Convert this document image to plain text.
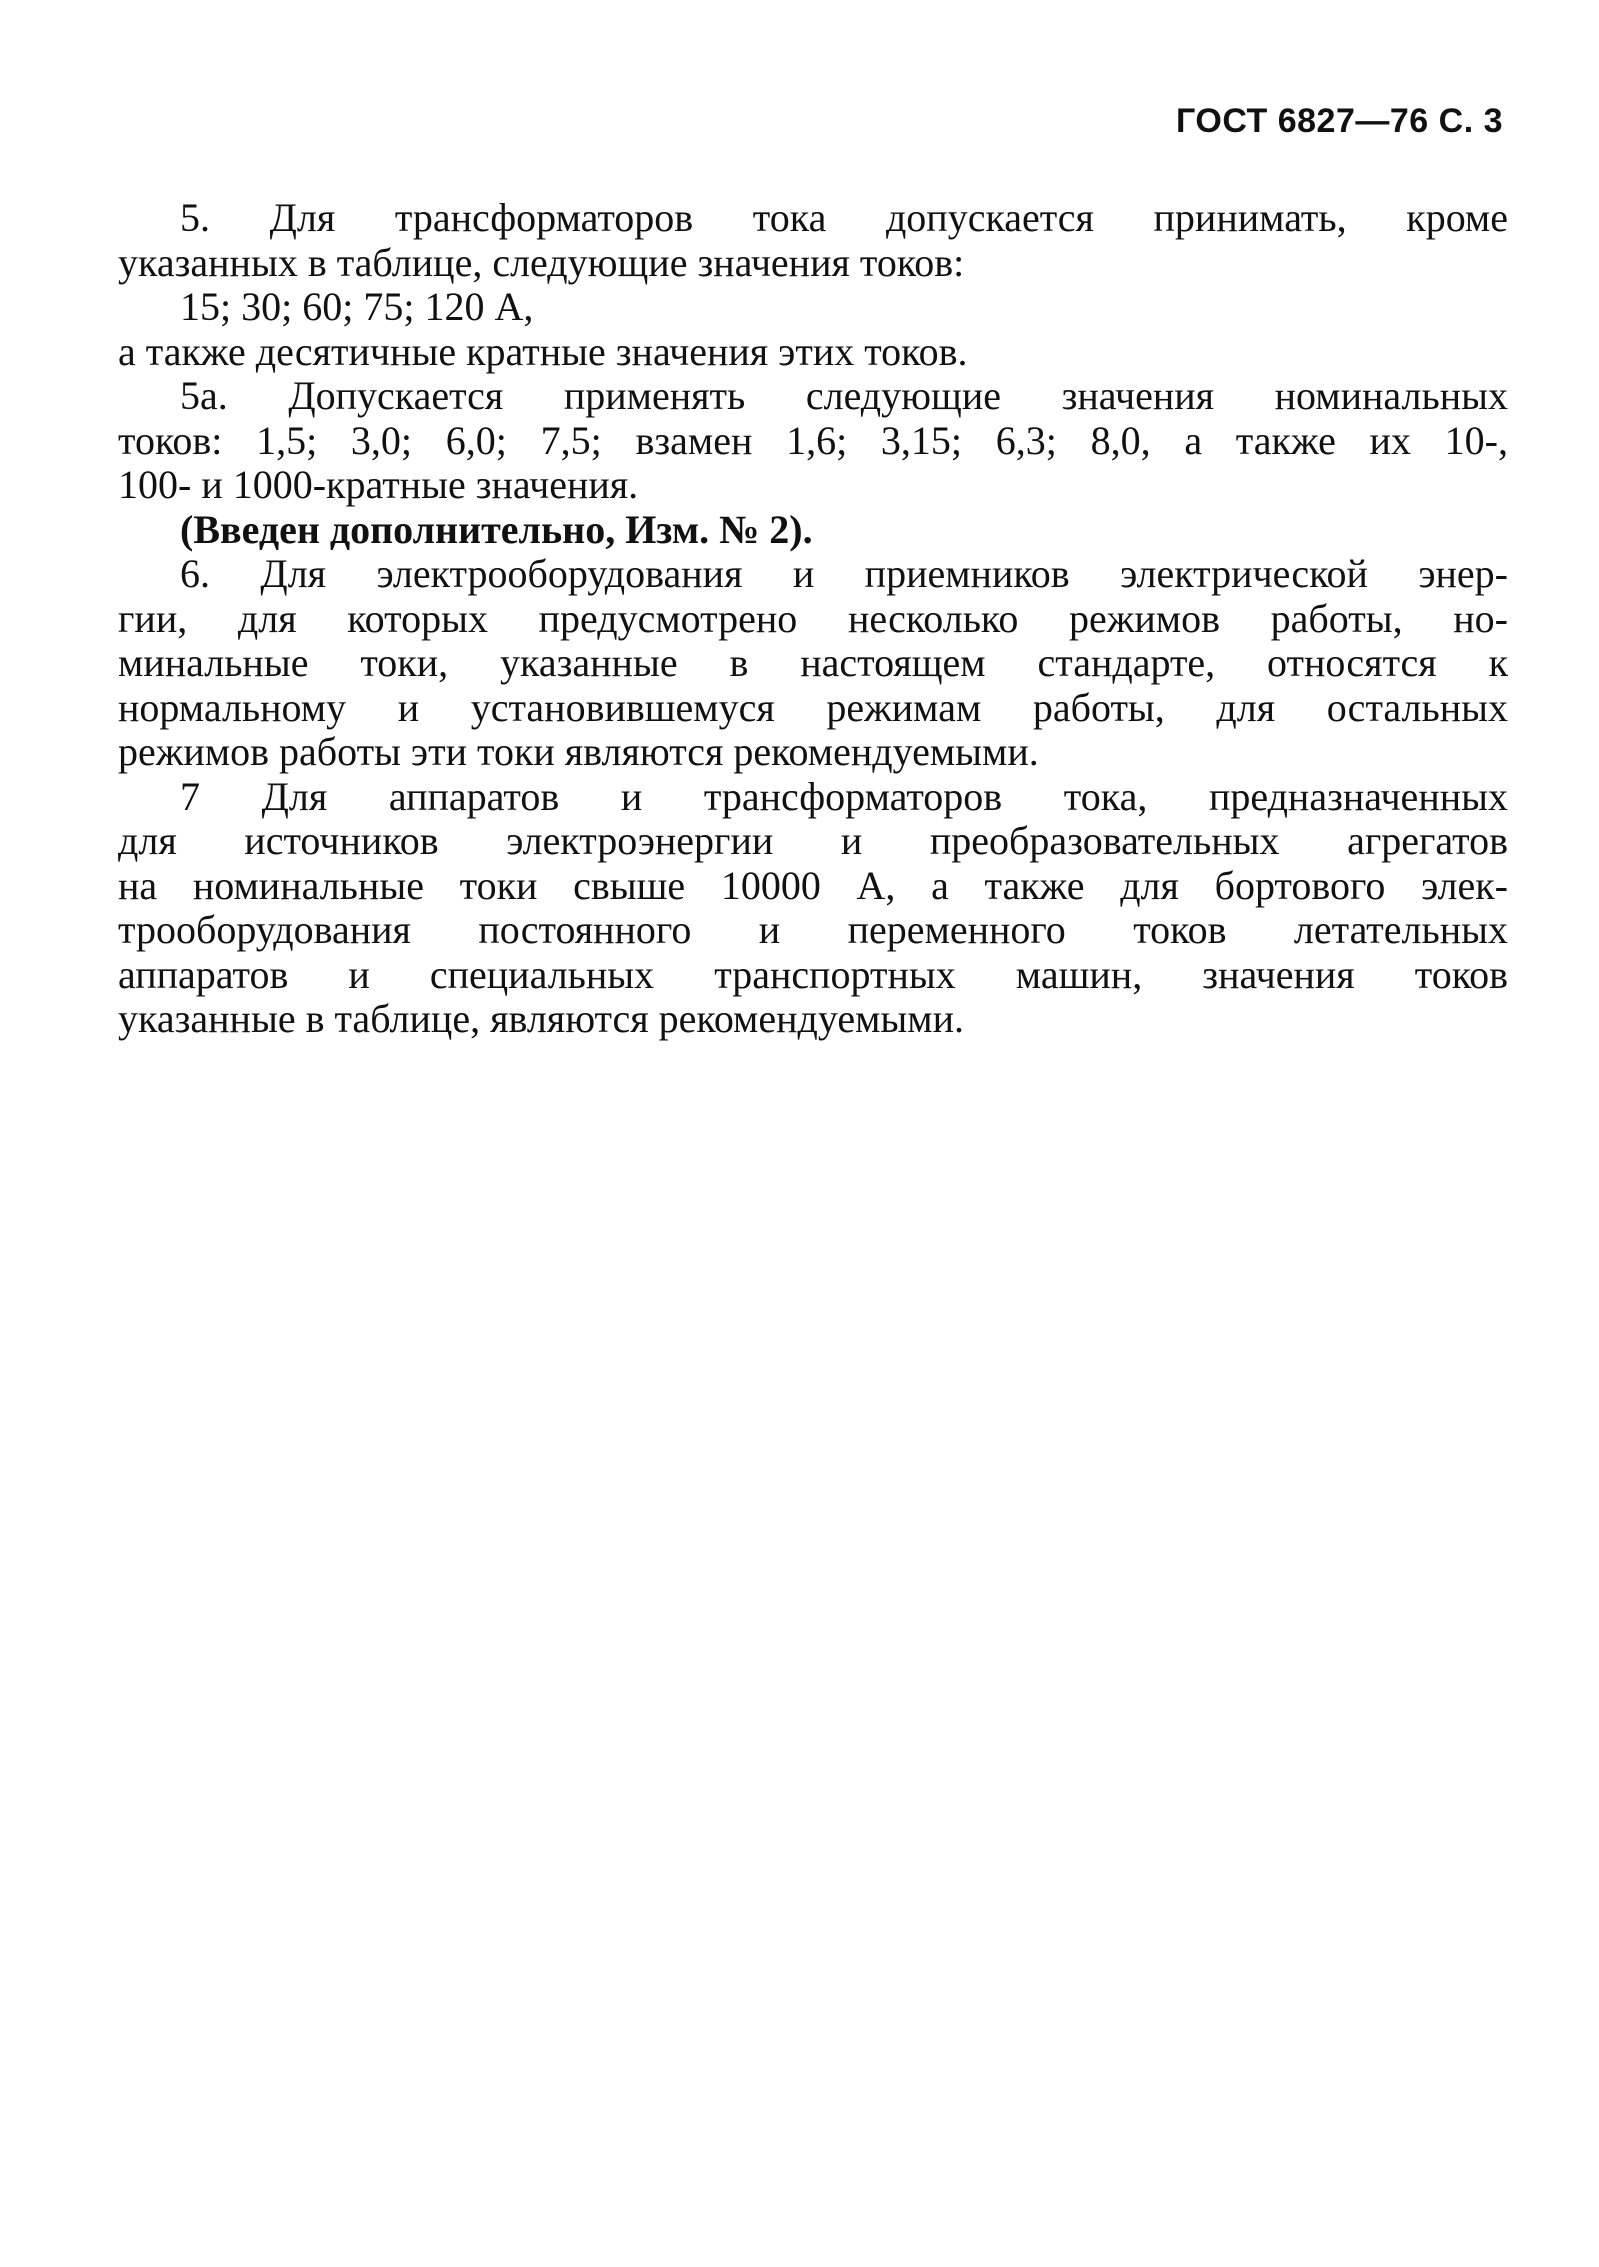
ГОСТ 6827—76 С. 3
5. Для трансформаторов тока допускается принимать, кроме
указанных в таблице, следующие значения токов:
15; 30; 60; 75; 120 А,
а также десятичные кратные значения этих токов.
5а. Допускается применять следующие значения номинальных
токов: 1,5; 3,0; 6,0; 7,5; взамен 1,6; 3,15; 6,3; 8,0, а также их 10-,
100- и 1000-кратные значения.
(Введен дополнительно, Изм. № 2).
6. Для электрооборудования и приемников электрической энер-
гии, для которых предусмотрено несколько режимов работы, но-
минальные токи, указанные в настоящем стандарте, относятся к
нормальному и установившемуся режимам работы, для остальных
режимов работы эти токи являются рекомендуемыми.
7 Для аппаратов и трансформаторов тока, предназначенных
для источников электроэнергии и преобразовательных агрегатов
на номинальные токи свыше 10000 А, а также для бортового элек-
трооборудования постоянного и переменного токов летательных
аппаратов и специальных транспортных машин, значения токов
указанные в таблице, являются рекомендуемыми.
